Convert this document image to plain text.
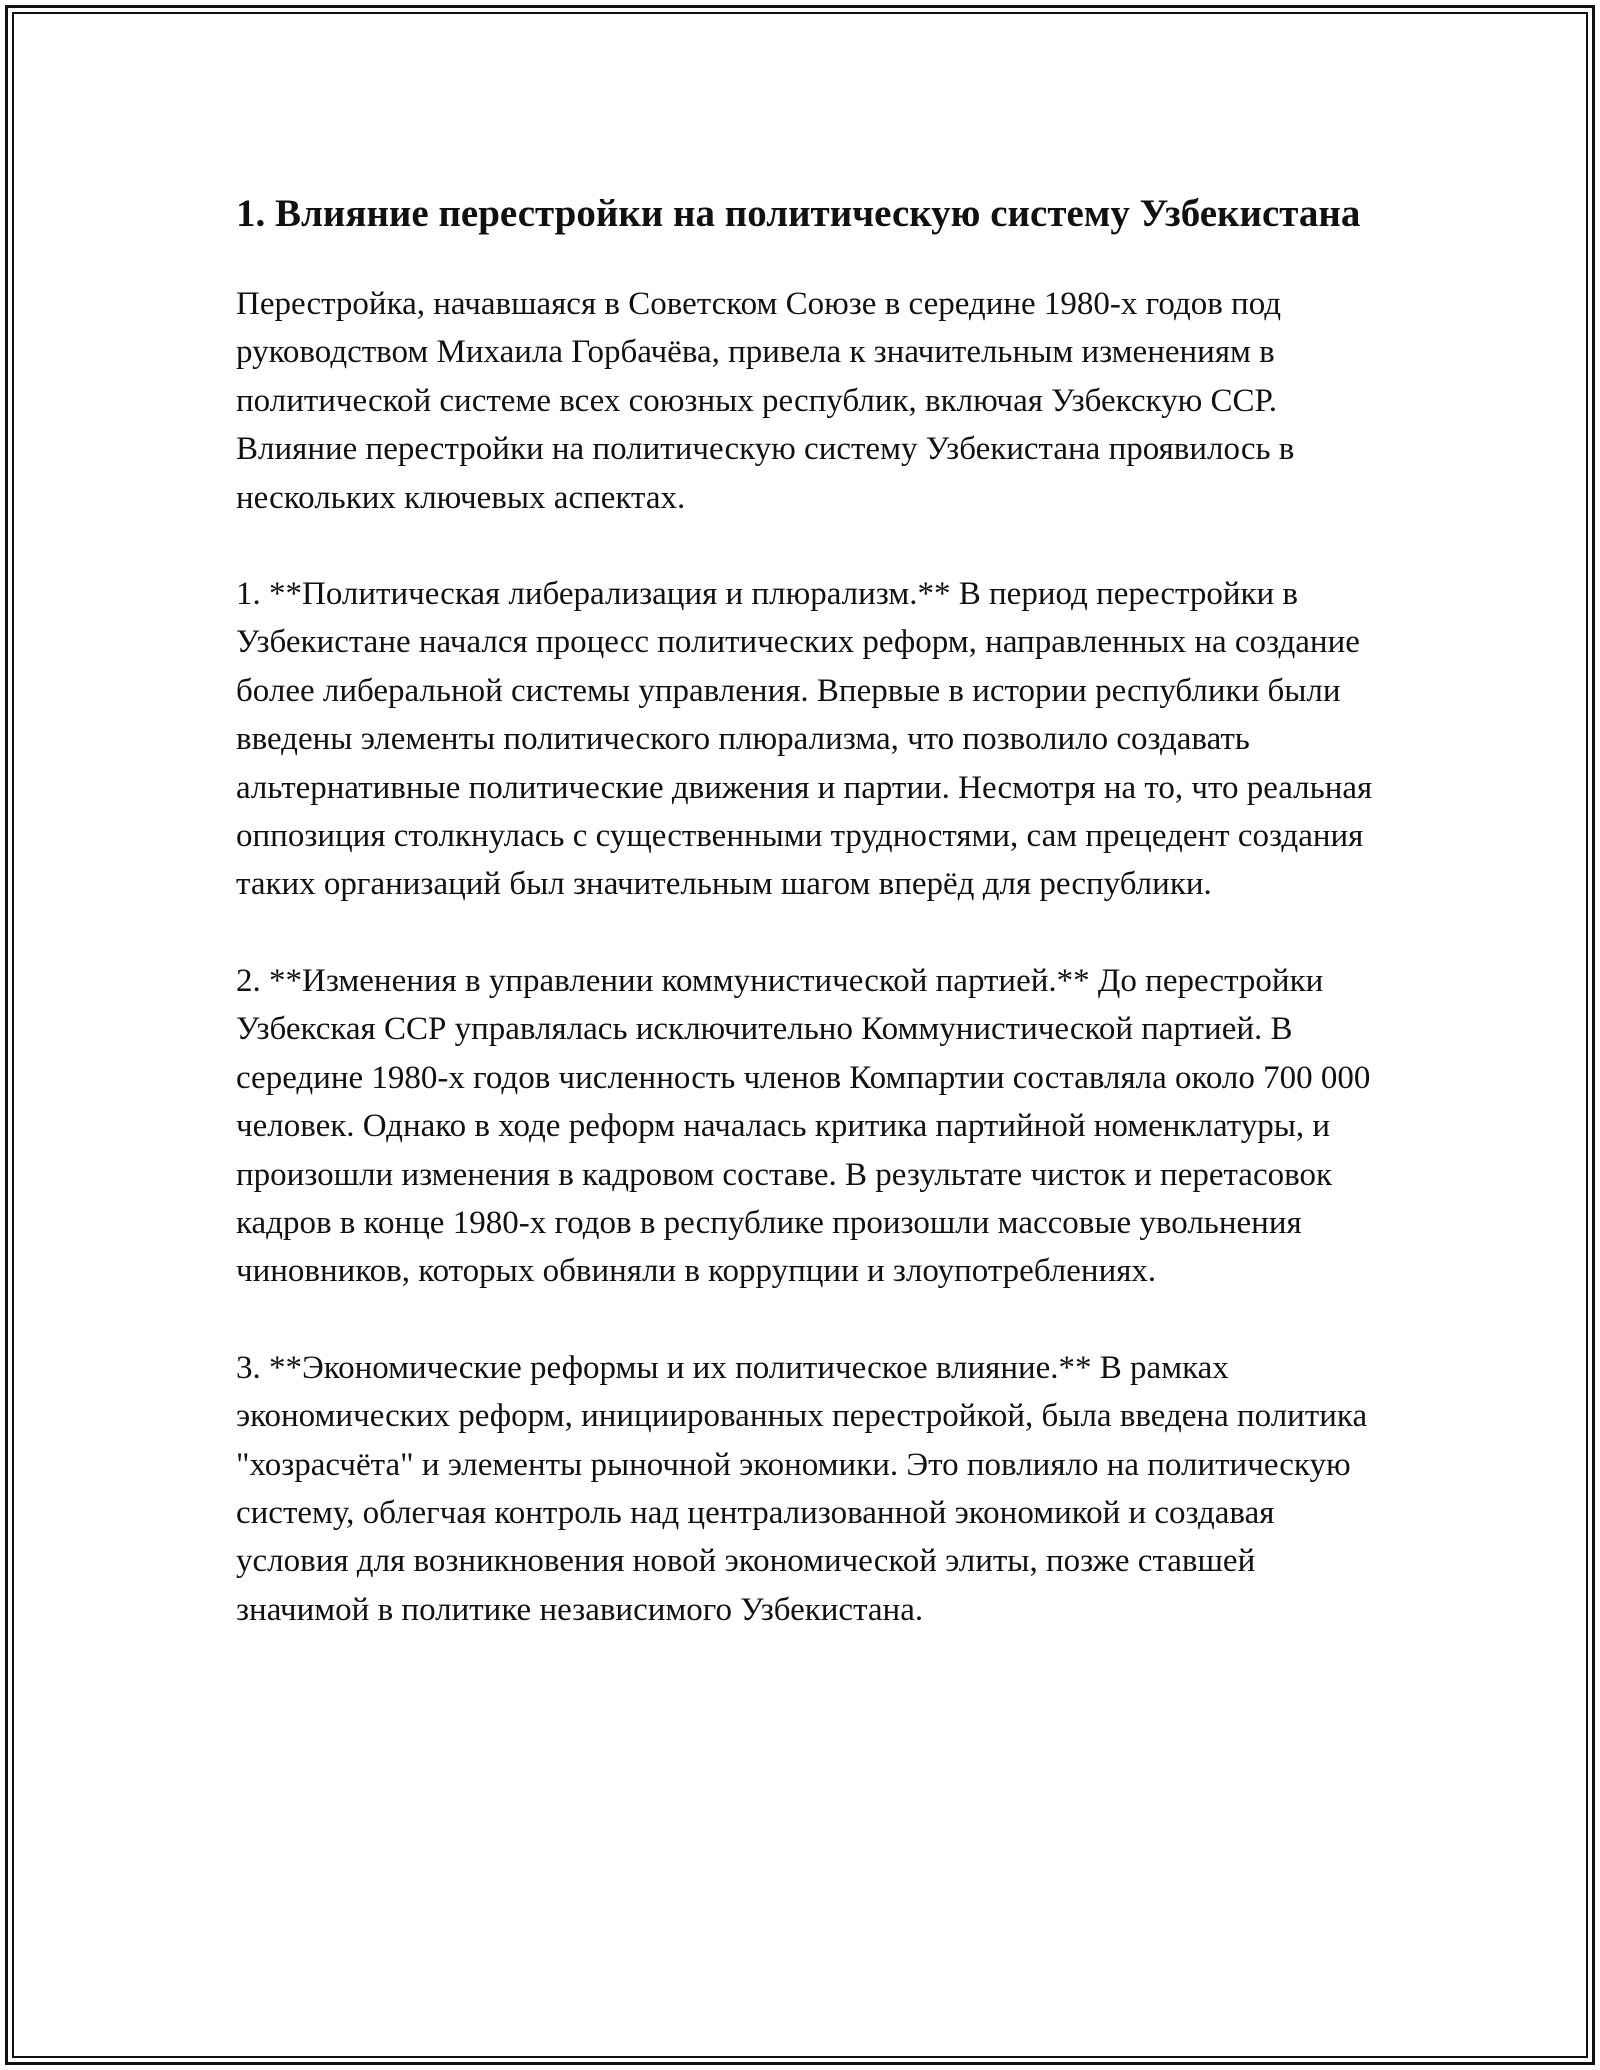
1. Влияние перестройки на политическую систему Узбекистана

Перестройка, начавшаяся в Советском Союзе в середине 1980-х годов под руководством Михаила Горбачёва, привела к значительным изменениям в политической системе всех союзных республик, включая Узбекскую ССР. Влияние перестройки на политическую систему Узбекистана проявилось в нескольких ключевых аспектах.

1. **Политическая либерализация и плюрализм.** В период перестройки в Узбекистане начался процесс политических реформ, направленных на создание более либеральной системы управления. Впервые в истории республики были введены элементы политического плюрализма, что позволило создавать альтернативные политические движения и партии. Несмотря на то, что реальная оппозиция столкнулась с существенными трудностями, сам прецедент создания таких организаций был значительным шагом вперёд для республики.

2. **Изменения в управлении коммунистической партией.** До перестройки Узбекская ССР управлялась исключительно Коммунистической партией. В середине 1980-х годов численность членов Компартии составляла около 700 000 человек. Однако в ходе реформ началась критика партийной номенклатуры, и произошли изменения в кадровом составе. В результате чисток и перетасовок кадров в конце 1980-х годов в республике произошли массовые увольнения чиновников, которых обвиняли в коррупции и злоупотреблениях.

3. **Экономические реформы и их политическое влияние.** В рамках экономических реформ, инициированных перестройкой, была введена политика "хозрасчёта" и элементы рыночной экономики. Это повлияло на политическую систему, облегчая контроль над централизованной экономикой и создавая условия для возникновения новой экономической элиты, позже ставшей значимой в политике независимого Узбекистана.
